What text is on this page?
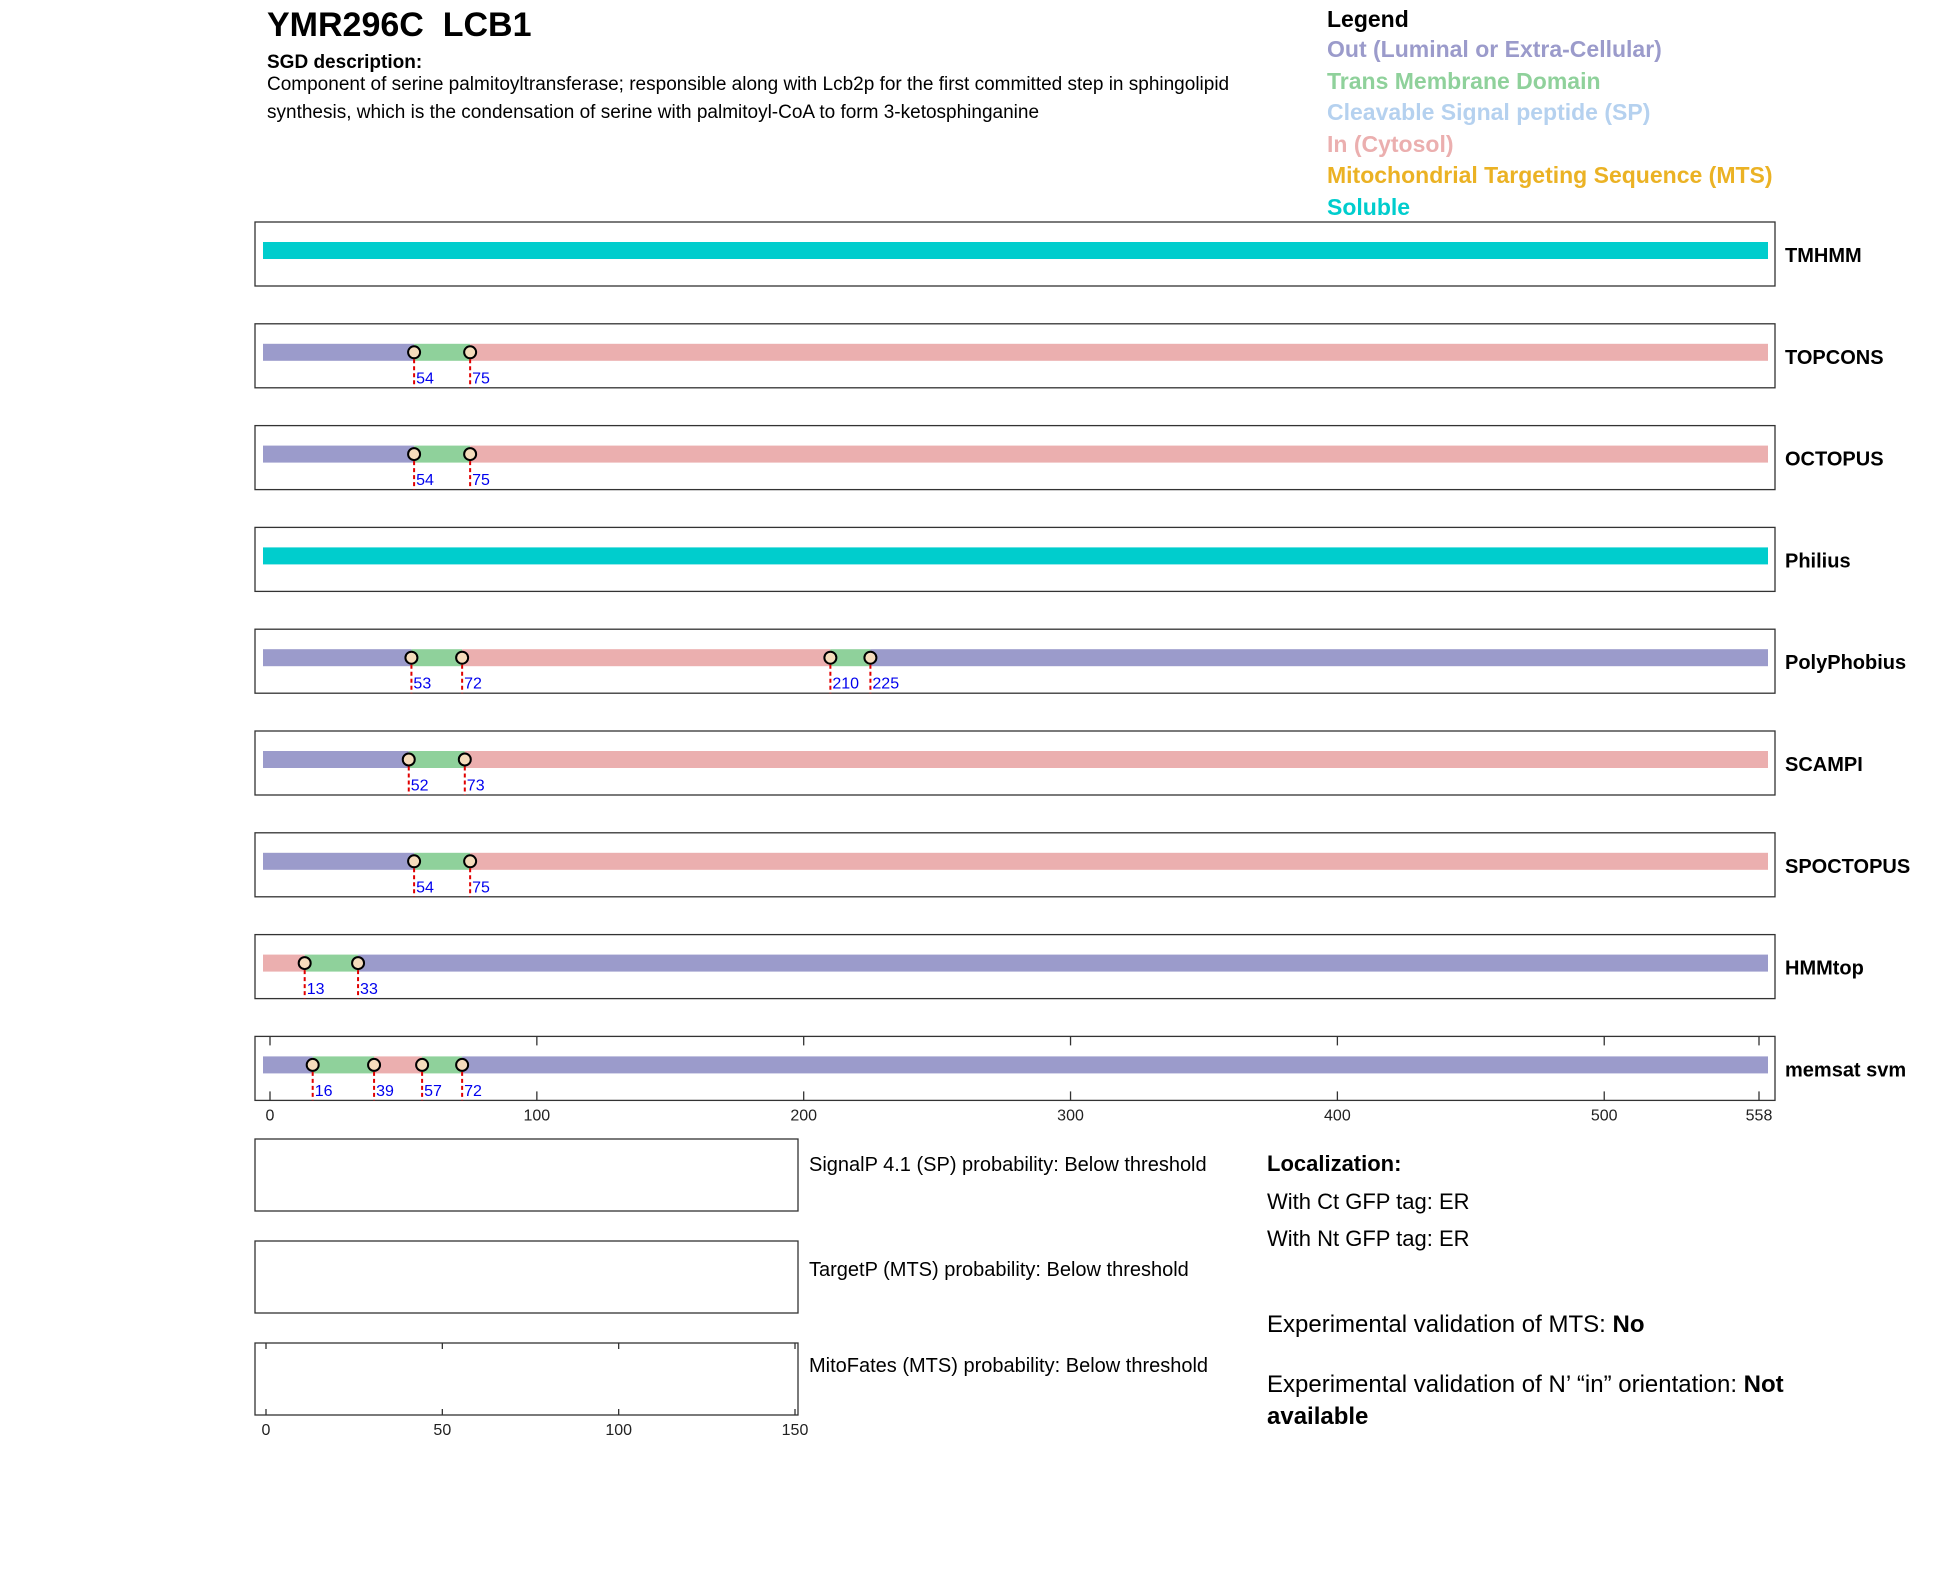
YMR296C  LCB1
SGD description:
Component of serine palmitoyltransferase; responsible along with Lcb2p for the first committed step in sphingolipid synthesis, which is the condensation of serine with palmitoyl-CoA to form 3-ketosphinganine
Legend
Out (Luminal or Extra-Cellular)
Trans Membrane Domain
Cleavable Signal peptide (SP)
In (Cytosol)
Mitochondrial Targeting Sequence (MTS)
Soluble
TMHMM
54 75
TOPCONS
54 75
OCTOPUS
Philius
53 72	210 225
PolyPhobius
52 73
SCAMPI
54 75
SPOCTOPUS
13 33
HMMtop
16	39 57 72
memsat svm
0	100	200	300	400	500	558
0	50	100	150
SignalP 4.1 (SP) probability: Below threshold
TargetP (MTS) probability: Below threshold
MitoFates (MTS) probability: Below threshold
Localization:
With Ct GFP tag: ER
With Nt GFP tag: ER
Experimental validation of MTS: No
Experimental validation of N’ “in” orientation: Not available
